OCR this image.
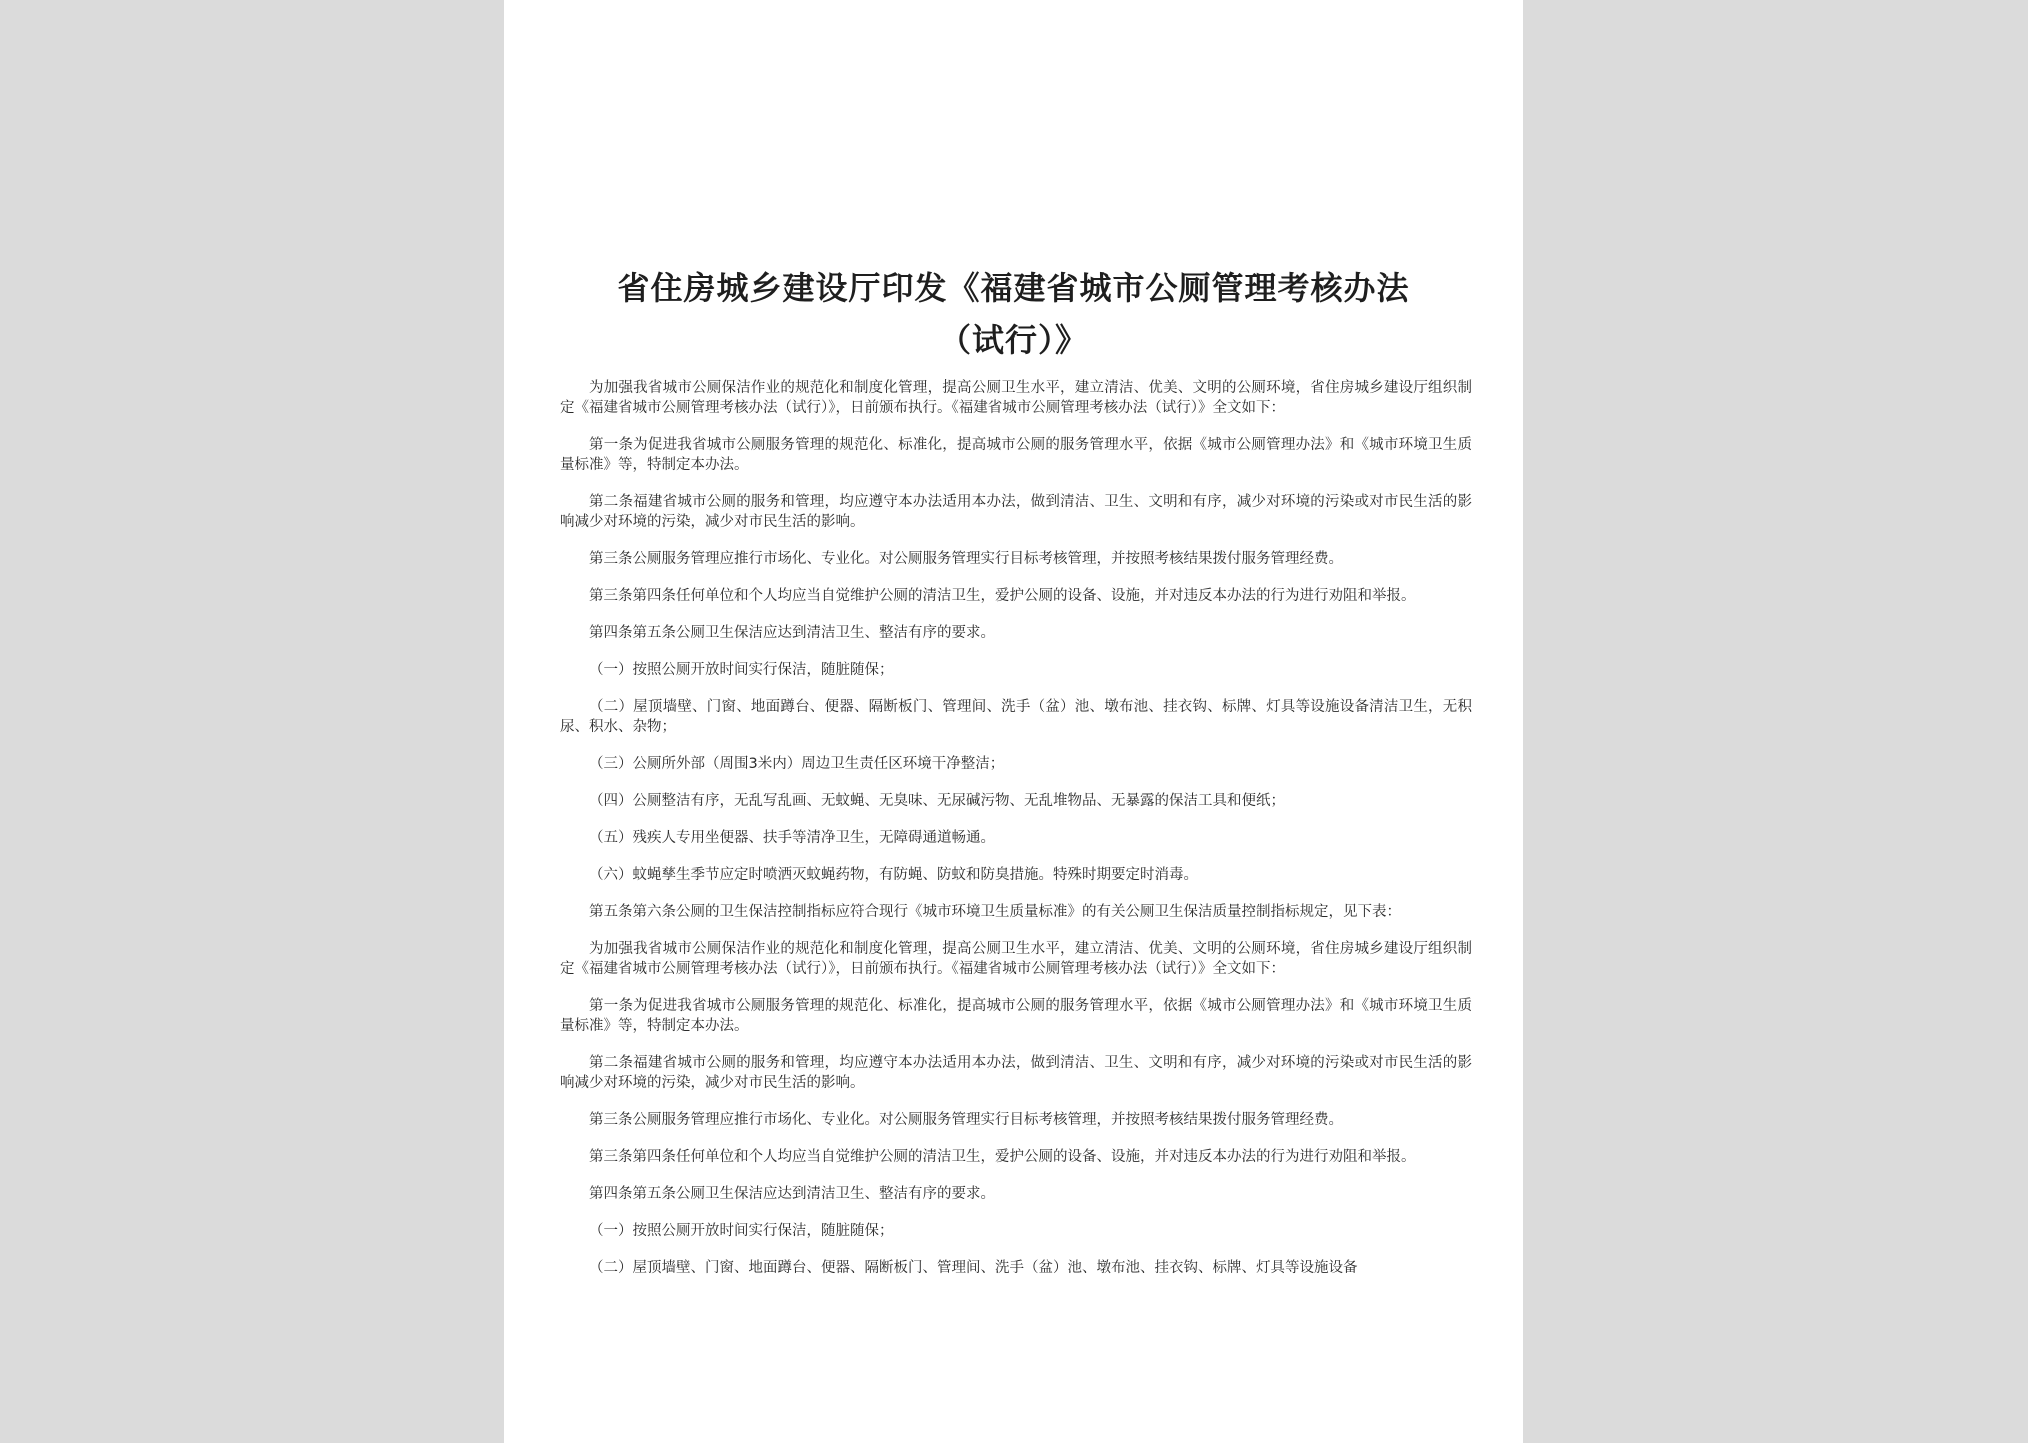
省住房城乡建设厅印发《福建省城市公厕管理考核办法
（试行）》

为加强我省城市公厕保洁作业的规范化和制度化管理，提高公厕卫生水平，建立清洁、优美、文明的公厕环境，省住房城乡建设厅组织制定《福建省城市公厕管理考核办法（试行）》，日前颁布执行。《福建省城市公厕管理考核办法（试行）》全文如下：

第一条为促进我省城市公厕服务管理的规范化、标准化，提高城市公厕的服务管理水平，依据《城市公厕管理办法》和《城市环境卫生质量标准》等，特制定本办法。

第二条福建省城市公厕的服务和管理，均应遵守本办法适用本办法，做到清洁、卫生、文明和有序，减少对环境的污染或对市民生活的影响减少对环境的污染，减少对市民生活的影响。

第三条公厕服务管理应推行市场化、专业化。对公厕服务管理实行目标考核管理，并按照考核结果拨付服务管理经费。

第三条第四条任何单位和个人均应当自觉维护公厕的清洁卫生，爱护公厕的设备、设施，并对违反本办法的行为进行劝阻和举报。

第四条第五条公厕卫生保洁应达到清洁卫生、整洁有序的要求。

（一）按照公厕开放时间实行保洁，随脏随保；

（二）屋顶墙壁、门窗、地面蹲台、便器、隔断板门、管理间、洗手（盆）池、墩布池、挂衣钩、标牌、灯具等设施设备清洁卫生，无积尿、积水、杂物；

（三）公厕所外部（周围3米内）周边卫生责任区环境干净整洁；

（四）公厕整洁有序，无乱写乱画、无蚊蝇、无臭味、无尿碱污物、无乱堆物品、无暴露的保洁工具和便纸；

（五）残疾人专用坐便器、扶手等清净卫生，无障碍通道畅通。

（六）蚊蝇孳生季节应定时喷洒灭蚊蝇药物，有防蝇、防蚊和防臭措施。特殊时期要定时消毒。

第五条第六条公厕的卫生保洁控制指标应符合现行《城市环境卫生质量标准》的有关公厕卫生保洁质量控制指标规定，见下表：

为加强我省城市公厕保洁作业的规范化和制度化管理，提高公厕卫生水平，建立清洁、优美、文明的公厕环境，省住房城乡建设厅组织制定《福建省城市公厕管理考核办法（试行）》，日前颁布执行。《福建省城市公厕管理考核办法（试行）》全文如下：

第一条为促进我省城市公厕服务管理的规范化、标准化，提高城市公厕的服务管理水平，依据《城市公厕管理办法》和《城市环境卫生质量标准》等，特制定本办法。

第二条福建省城市公厕的服务和管理，均应遵守本办法适用本办法，做到清洁、卫生、文明和有序，减少对环境的污染或对市民生活的影响减少对环境的污染，减少对市民生活的影响。

第三条公厕服务管理应推行市场化、专业化。对公厕服务管理实行目标考核管理，并按照考核结果拨付服务管理经费。

第三条第四条任何单位和个人均应当自觉维护公厕的清洁卫生，爱护公厕的设备、设施，并对违反本办法的行为进行劝阻和举报。

第四条第五条公厕卫生保洁应达到清洁卫生、整洁有序的要求。

（一）按照公厕开放时间实行保洁，随脏随保；

（二）屋顶墙壁、门窗、地面蹲台、便器、隔断板门、管理间、洗手（盆）池、墩布池、挂衣钩、标牌、灯具等设施设备
